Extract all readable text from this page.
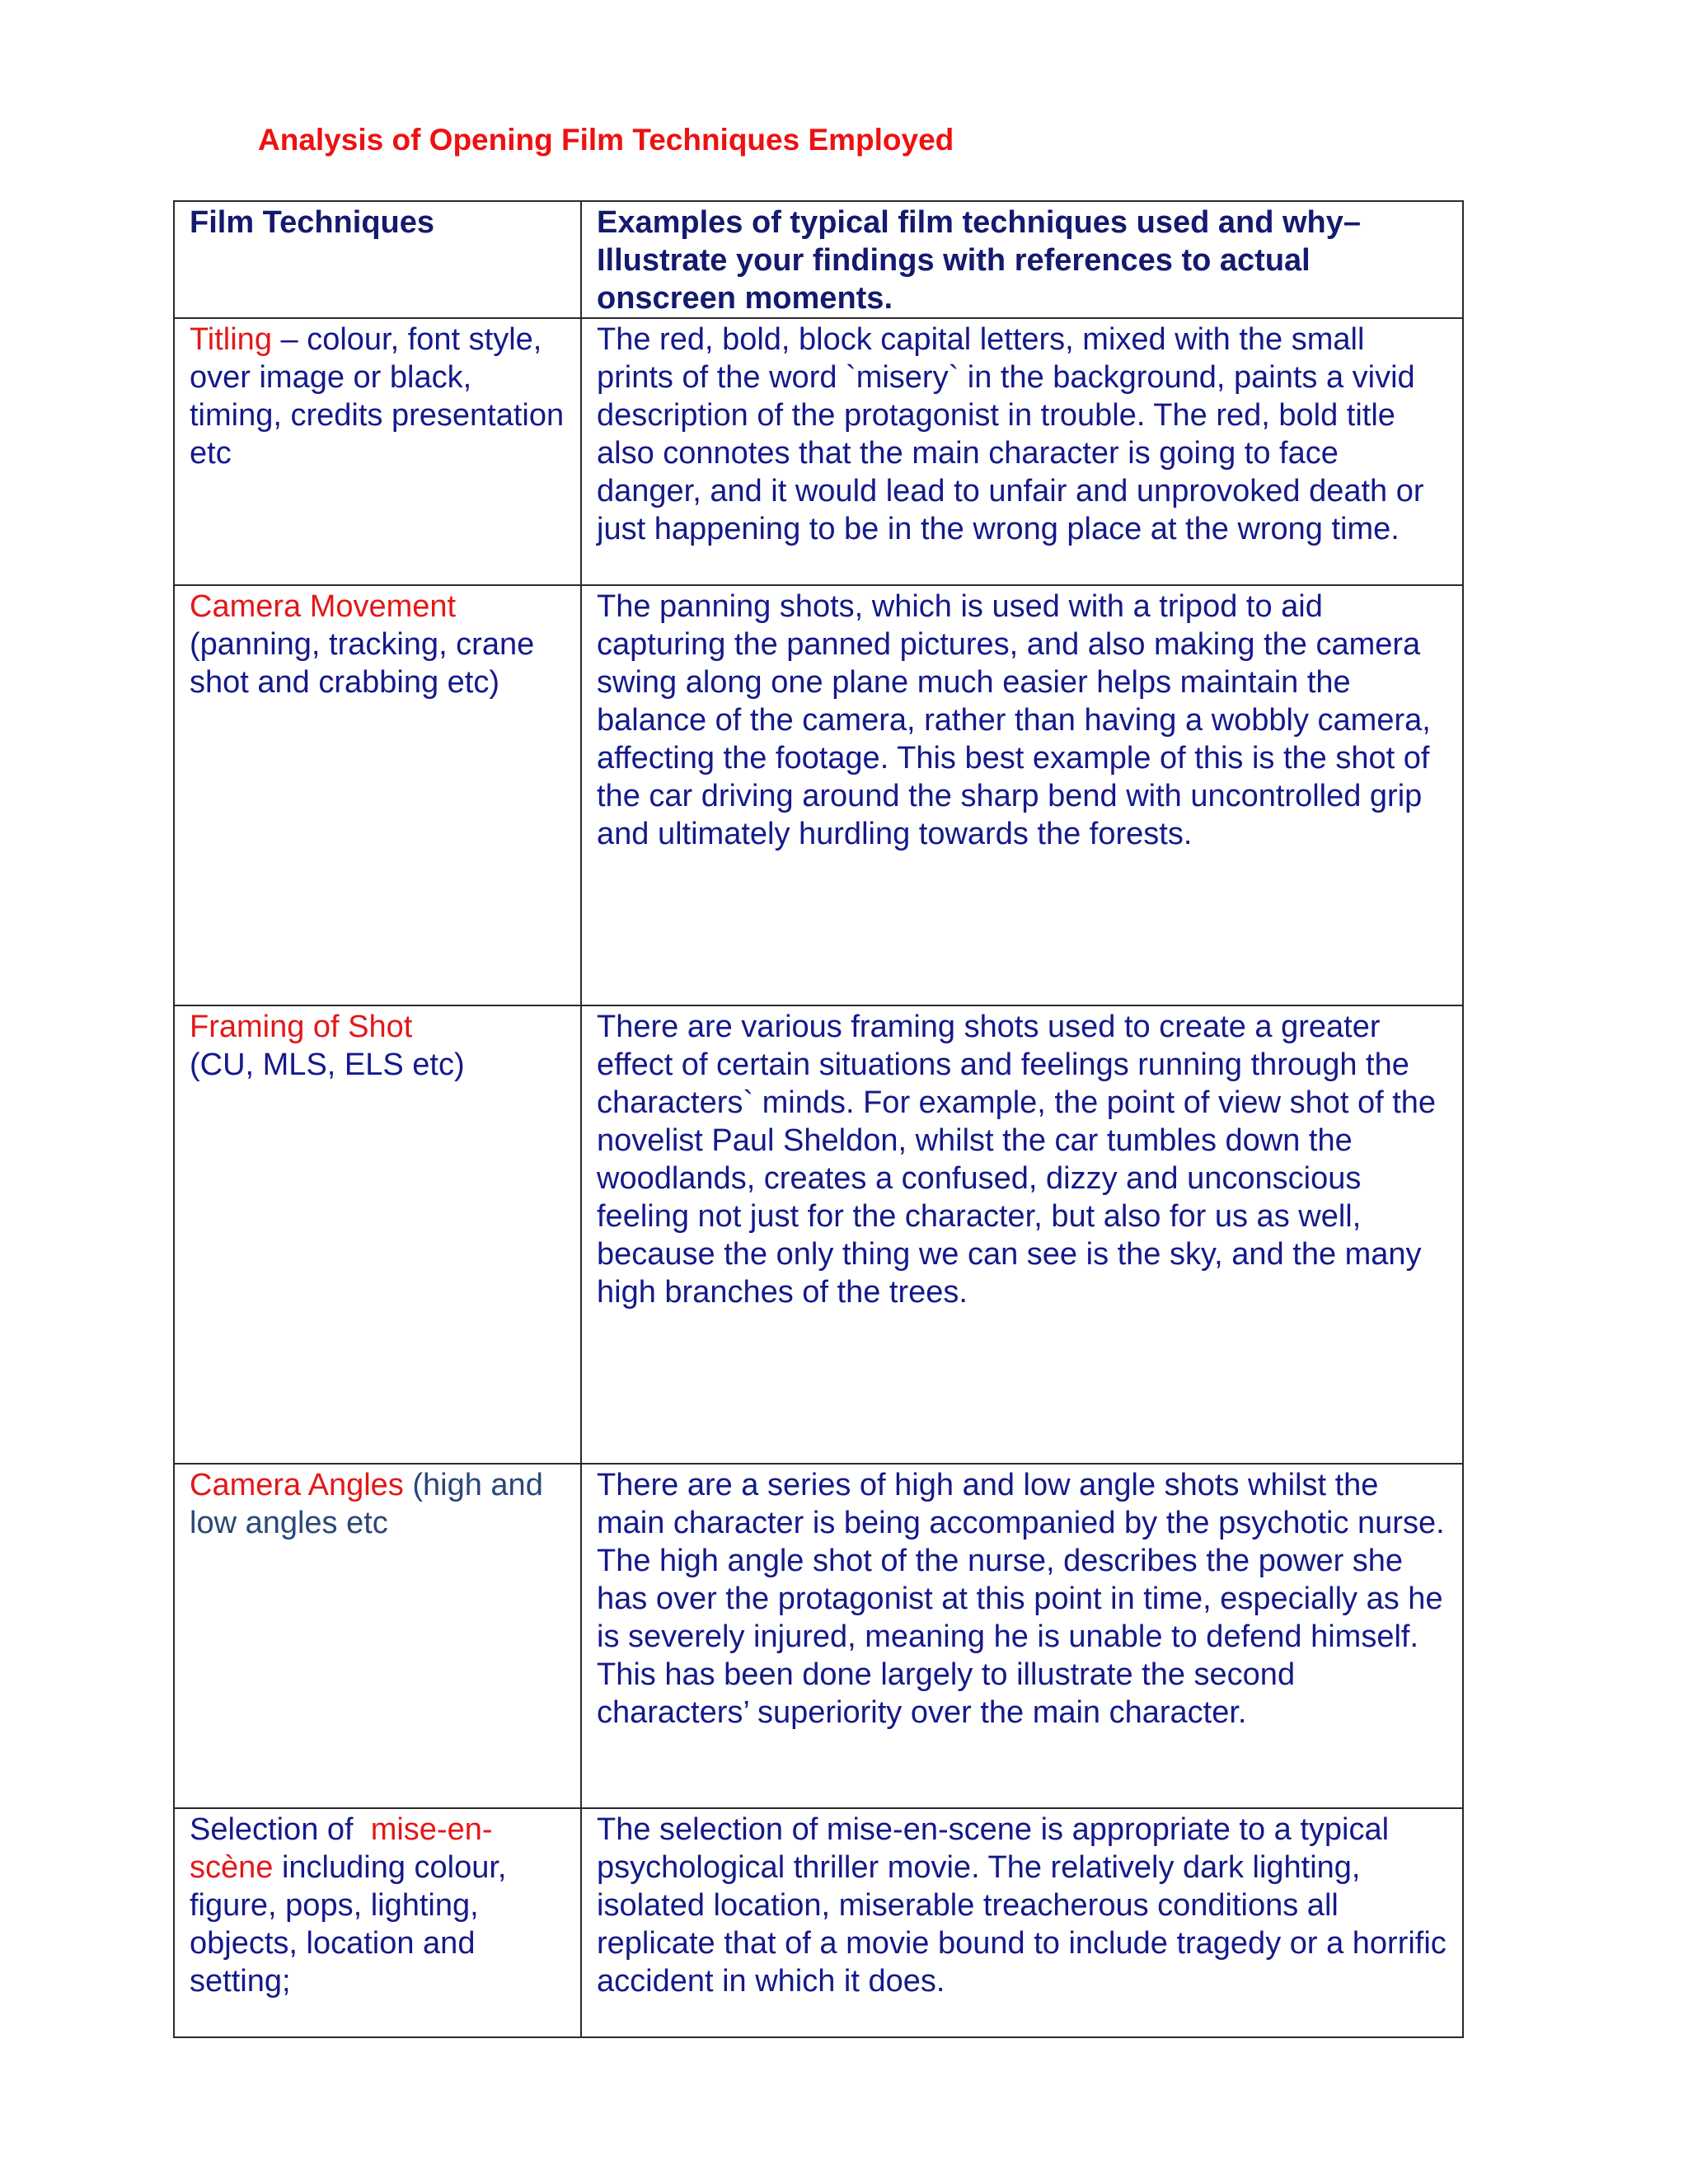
Analysis of Opening Film Techniques Employed
Film Techniques	Examples of typical film techniques used and why– Illustrate your findings with references to actual onscreen moments.
Titling – colour, font style, over image or black, timing, credits presentation etc	The red, bold, block capital letters, mixed with the small prints of the word `misery` in the background, paints a vivid description of the protagonist in trouble. The red, bold title also connotes that the main character is going to face danger, and it would lead to unfair and unprovoked death or just happening to be in the wrong place at the wrong time.
Camera Movement
(panning, tracking, crane shot and crabbing etc)	The panning shots, which is used with a tripod to aid capturing the panned pictures, and also making the camera swing along one plane much easier helps maintain the balance of the camera, rather than having a wobbly camera, affecting the footage. This best example of this is the shot of the car driving around the sharp bend with uncontrolled grip and ultimately hurdling towards the forests.
Framing of Shot
(CU, MLS, ELS etc)	There are various framing shots used to create a greater effect of certain situations and feelings running through the characters` minds. For example, the point of view shot of the novelist Paul Sheldon, whilst the car tumbles down the woodlands, creates a confused, dizzy and unconscious feeling not just for the character, but also for us as well, because the only thing we can see is the sky, and the many high branches of the trees.
Camera Angles (high and low angles etc	There are a series of high and low angle shots whilst the main character is being accompanied by the psychotic nurse. The high angle shot of the nurse, describes the power she has over the protagonist at this point in time, especially as he is severely injured, meaning he is unable to defend himself. This has been done largely to illustrate the second characters’ superiority over the main character.
Selection of  mise-en-scène including colour, figure, pops, lighting, objects, location and setting;	The selection of mise-en-scene is appropriate to a typical psychological thriller movie. The relatively dark lighting, isolated location, miserable treacherous conditions all replicate that of a movie bound to include tragedy or a horrific accident in which it does.
